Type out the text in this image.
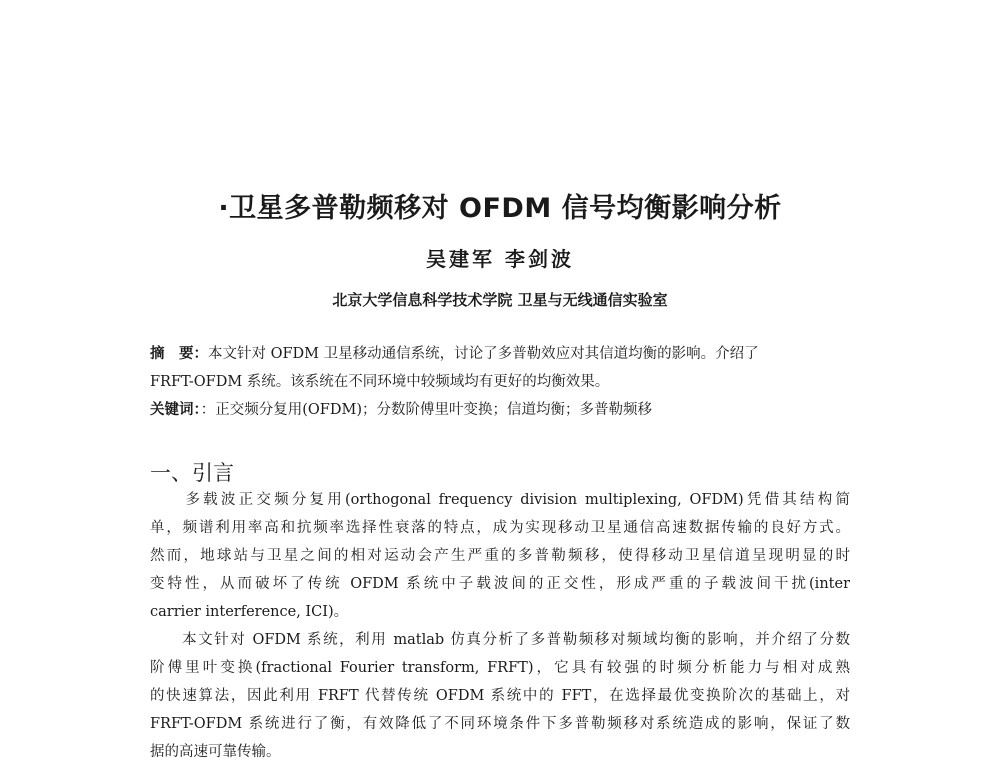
·卫星多普勒频移对 OFDM 信号均衡影响分析
吴建军 李剑波
北京大学信息科学技术学院 卫星与无线通信实验室
摘　要：本文针对 OFDM 卫星移动通信系统，讨论了多普勒效应对其信道均衡的影响。介绍了
FRFT-OFDM 系统。该系统在不同环境中较频域均有更好的均衡效果。
关键词：：正交频分复用(OFDM)；分数阶傅里叶变换；信道均衡；多普勒频移
一、引言
　　多载波正交频分复用(orthogonal frequency division multiplexing, OFDM)凭借其结构简
单，频谱利用率高和抗频率选择性衰落的特点，成为实现移动卫星通信高速数据传输的良好方式。
然而，地球站与卫星之间的相对运动会产生严重的多普勒频移，使得移动卫星信道呈现明显的时
变特性，从而破坏了传统 OFDM 系统中子载波间的正交性，形成严重的子载波间干扰(inter
carrier interference, ICI)。
　　本文针对 OFDM 系统，利用 matlab 仿真分析了多普勒频移对频域均衡的影响，并介绍了分数
阶傅里叶变换(fractional Fourier transform, FRFT)，它具有较强的时频分析能力与相对成熟
的快速算法，因此利用 FRFT 代替传统 OFDM 系统中的 FFT，在选择最优变换阶次的基础上，对
FRFT-OFDM 系统进行了衡，有效降低了不同环境条件下多普勒频移对系统造成的影响，保证了数
据的高速可靠传输。
